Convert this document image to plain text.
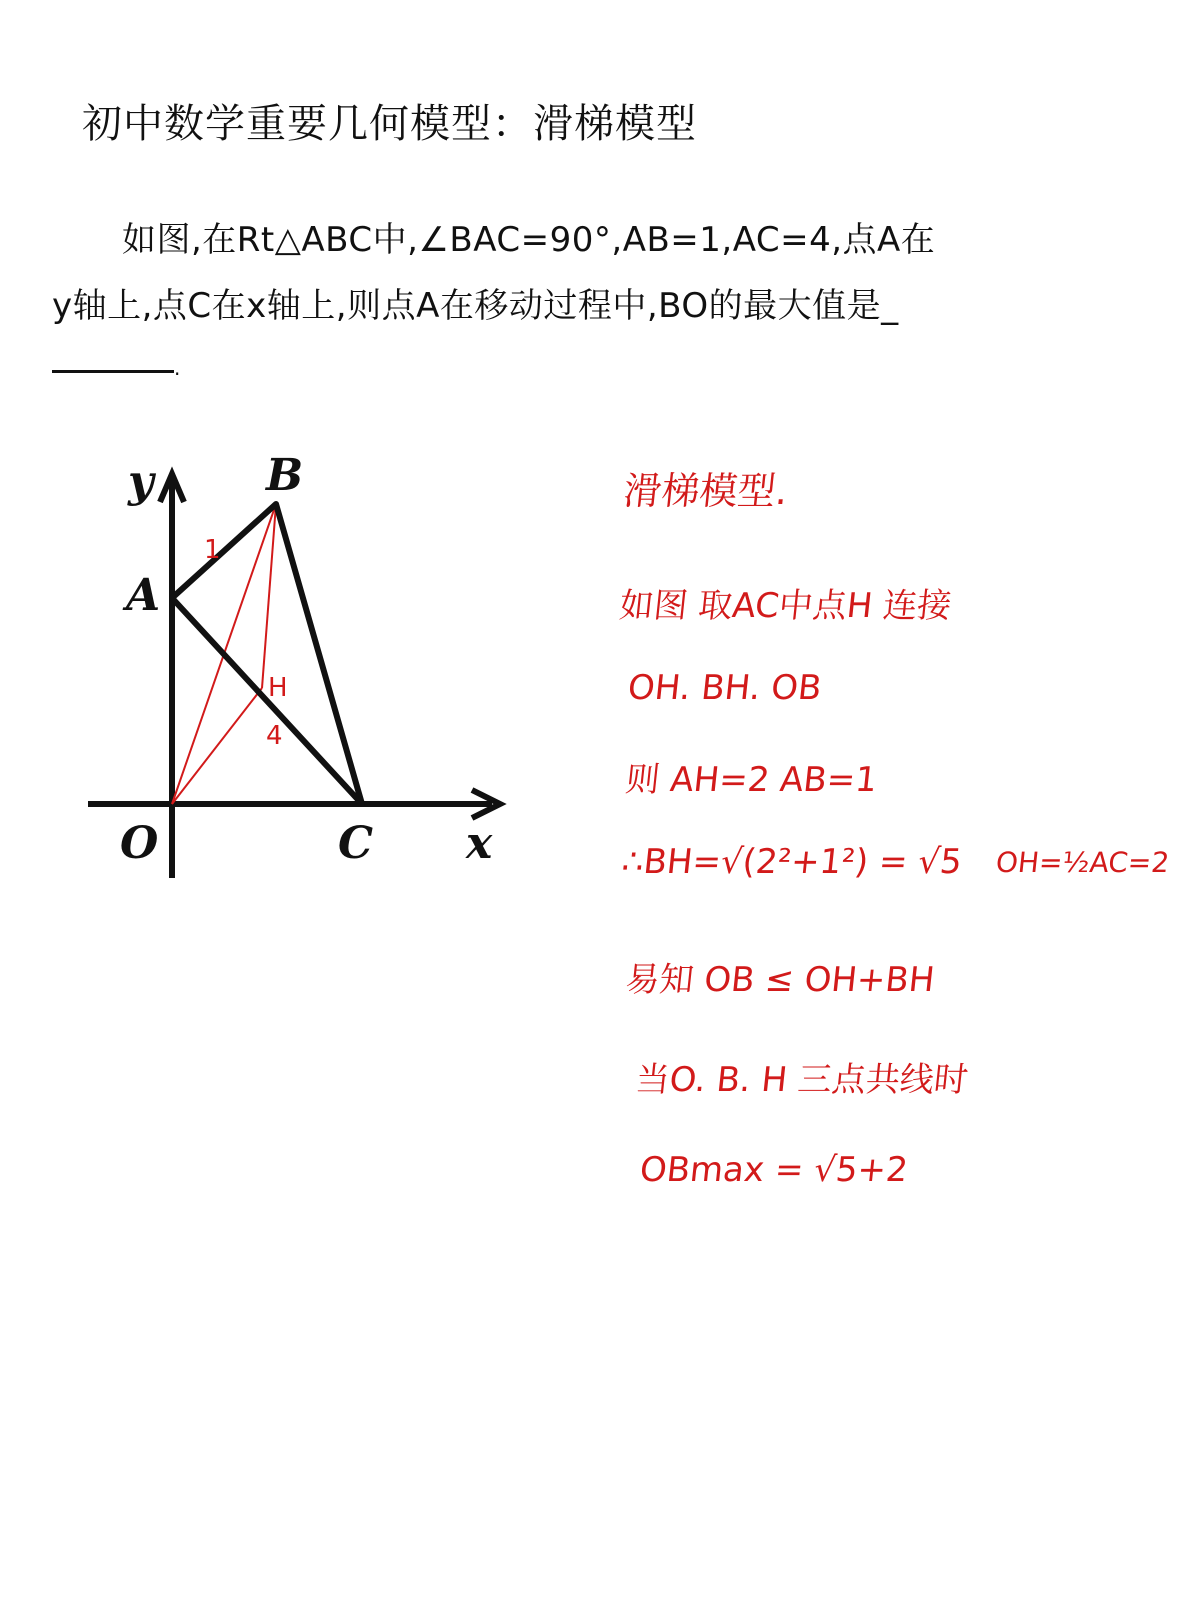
初中数学重要几何模型：滑梯模型
如图,在Rt△ABC中,∠BAC=90°,AB=1,AC=4,点A在
y轴上,点C在x轴上,则点A在移动过程中,BO的最大值是_
.
y
x
O
A
B
C
H
1
4
滑梯模型.
如图 取AC中点H 连接
OH. BH. OB
则 AH=2 AB=1
∴BH=√(2²+1²) = √5 OH=½AC=2
易知 OB ≤ OH+BH
当O. B. H 三点共线时
OBmax = √5+2
